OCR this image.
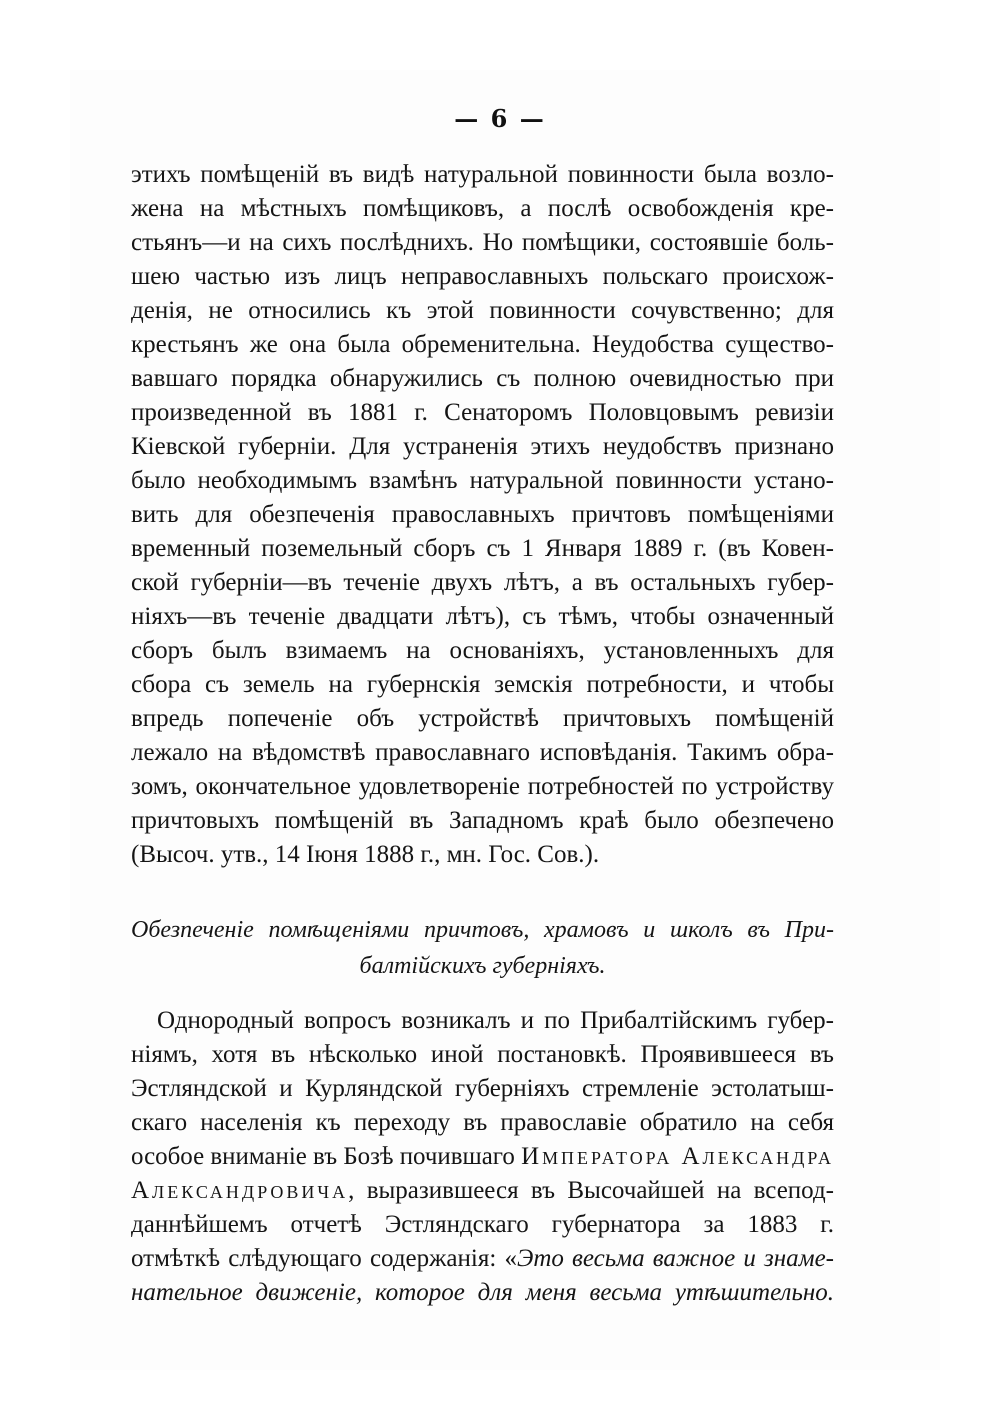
— 6 —
этихъ помѣщеній въ видѣ натуральной повинности была возло-
жена на мѣстныхъ помѣщиковъ, а послѣ освобожденія кре-
стьянъ—и на сихъ послѣднихъ. Но помѣщики, состоявшіе боль-
шею частью изъ лицъ неправославныхъ польскаго происхож-
денія, не относились къ этой повинности сочувственно; для
крестьянъ же она была обременительна. Неудобства существо-
вавшаго порядка обнаружились съ полною очевидностью при
произведенной въ 1881 г. Сенаторомъ Половцовымъ ревизіи
Кіевской губерніи. Для устраненія этихъ неудобствъ признано
было необходимымъ взамѣнъ натуральной повинности устано-
вить для обезпеченія православныхъ причтовъ помѣщеніями
временный поземельный сборъ съ 1 Января 1889 г. (въ Ковен-
ской губерніи—въ теченіе двухъ лѣтъ, а въ остальныхъ губер-
ніяхъ—въ теченіе двадцати лѣтъ), съ тѣмъ, чтобы означенный
сборъ былъ взимаемъ на основаніяхъ, установленныхъ для
сбора съ земель на губернскія земскія потребности, и чтобы
впредь попеченіе объ устройствѣ причтовыхъ помѣщеній
лежало на вѣдомствѣ православнаго исповѣданія. Такимъ обра-
зомъ, окончательное удовлетвореніе потребностей по устройству
причтовыхъ помѣщеній въ Западномъ краѣ было обезпечено
(Высоч. утв., 14 Іюня 1888 г., мн. Гос. Сов.).
Обезпеченіе помѣщеніями причтовъ, храмовъ и школъ въ При-
балтійскихъ губерніяхъ.
Однородный вопросъ возникалъ и по Прибалтійскимъ губер-
ніямъ, хотя въ нѣсколько иной постановкѣ. Проявившееся въ
Эстляндской и Курляндской губерніяхъ стремленіе эстолатыш-
скаго населенія къ переходу въ православіе обратило на себя
особое вниманіе въ Бозѣ почившаго Императора Александра
Александровича, выразившееся въ Высочайшей на всепод-
даннѣйшемъ отчетѣ Эстляндскаго губернатора за 1883 г.
отмѣткѣ слѣдующаго содержанія: «Это весьма важное и знаме-
нательное движеніе, которое для меня весьма утѣшительно.
